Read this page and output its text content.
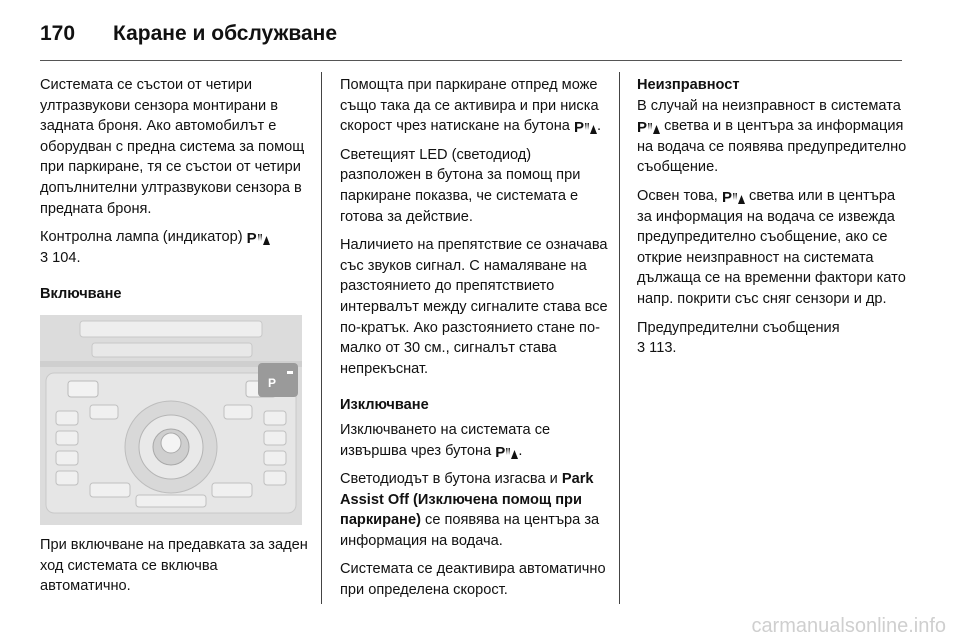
170 Каране и обслужване

Системата се състои от четири ултразвукови сензора монтирани в задната броня. Ако автомобилът е оборудван с предна система за помощ при паркиране, тя се състои от четири допълнителни ултразвукови сензора в предната броня.

Контролна лампа (индикатор) P

3 104.

Включване
P

При включване на предавката за заден ход системата се включва автоматично.

Помощта при паркиране отпред може също така да се активира и при ниска скорост чрез натискане на бутона P .

Светещият LED (светодиод) разположен в бутона за помощ при паркиране показва, че системата е готова за действие.

Наличието на препятствие се означава със звуков сигнал. С намаляване на разстоянието до препятствието интервалът между сигналите става все по-кратък. Ако разстоянието стане по-малко от 30 см., сигналът става непрекъснат.

Изключване

Изключването на системата се извършва чрез бутона P .

Светодиодът в бутона изгасва и Park Assist Off (Изключена помощ при паркиране) се появява на центъра за информация на водача.

Системата се деактивира автоматично при определена скорост.

Неизправност

В случай на неизправност в системата
P светва и в центъра за информация на водача се появява предупредително съобщение.

Освен това, P светва или в центъра за информация на водача се извежда предупредително съобщение, ако се открие неизправност на системата дължаща се на временни фактори като напр. покрити със сняг сензори и др.

Предупредителни съобщения
3 113.

carmanualsonline.info
